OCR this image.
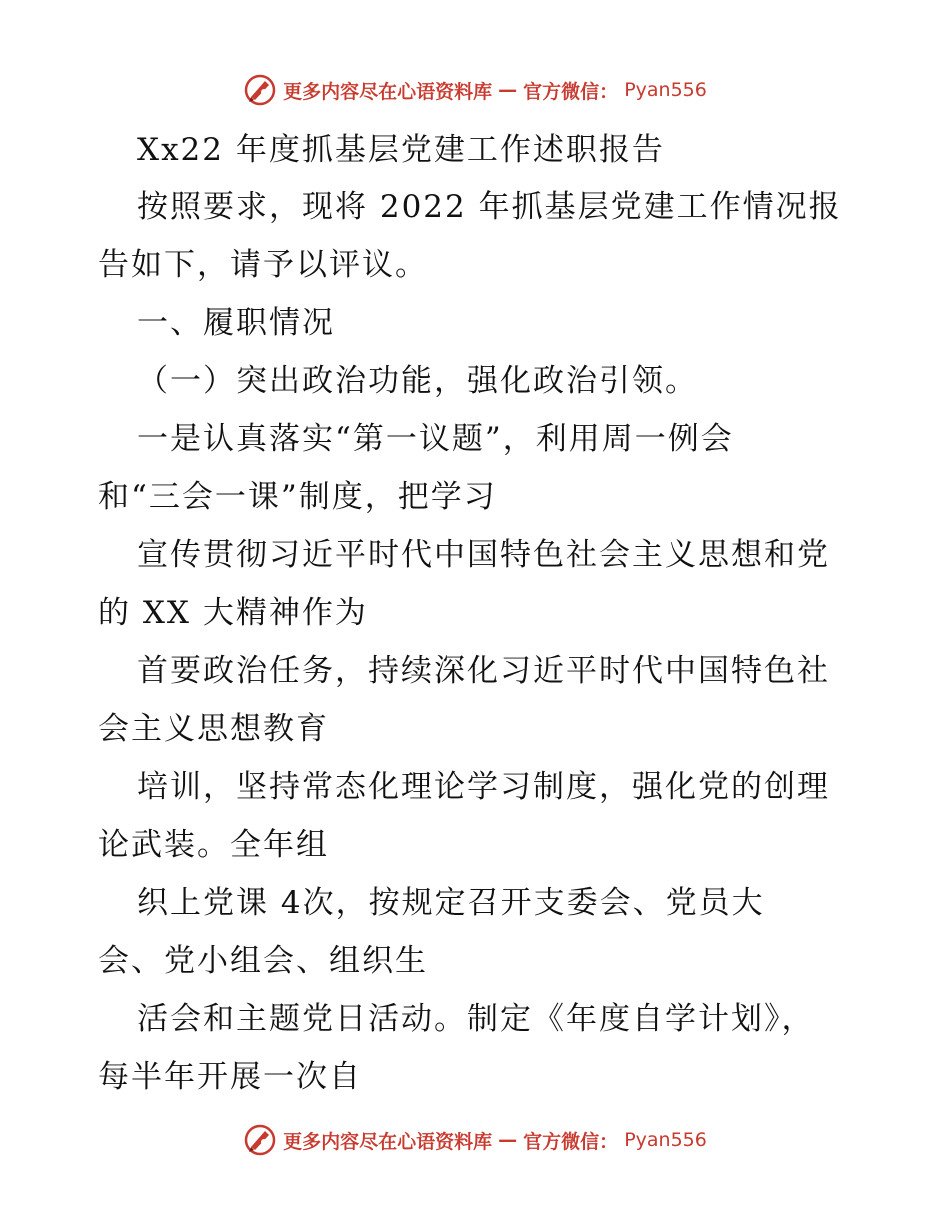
更多内容尽在心语资料库 — 官方微信： Pyan556
Xx22 年度抓基层党建工作述职报告
按照要求，现将 2022 年抓基层党建工作情况报
告如下，请予以评议。
一、履职情况
（一）突出政治功能，强化政治引领。
一是认真落实“第一议题”，利用周一例会
和“三会一课”制度，把学习
宣传贯彻习近平时代中国特色社会主义思想和党
的 XX 大精神作为
首要政治任务，持续深化习近平时代中国特色社
会主义思想教育
培训，坚持常态化理论学习制度，强化党的创理
论武装。全年组
织上党课 4次，按规定召开支委会、党员大
会、党小组会、组织生
活会和主题党日活动。制定《年度自学计划》，
每半年开展一次自
更多内容尽在心语资料库 — 官方微信： Pyan556
